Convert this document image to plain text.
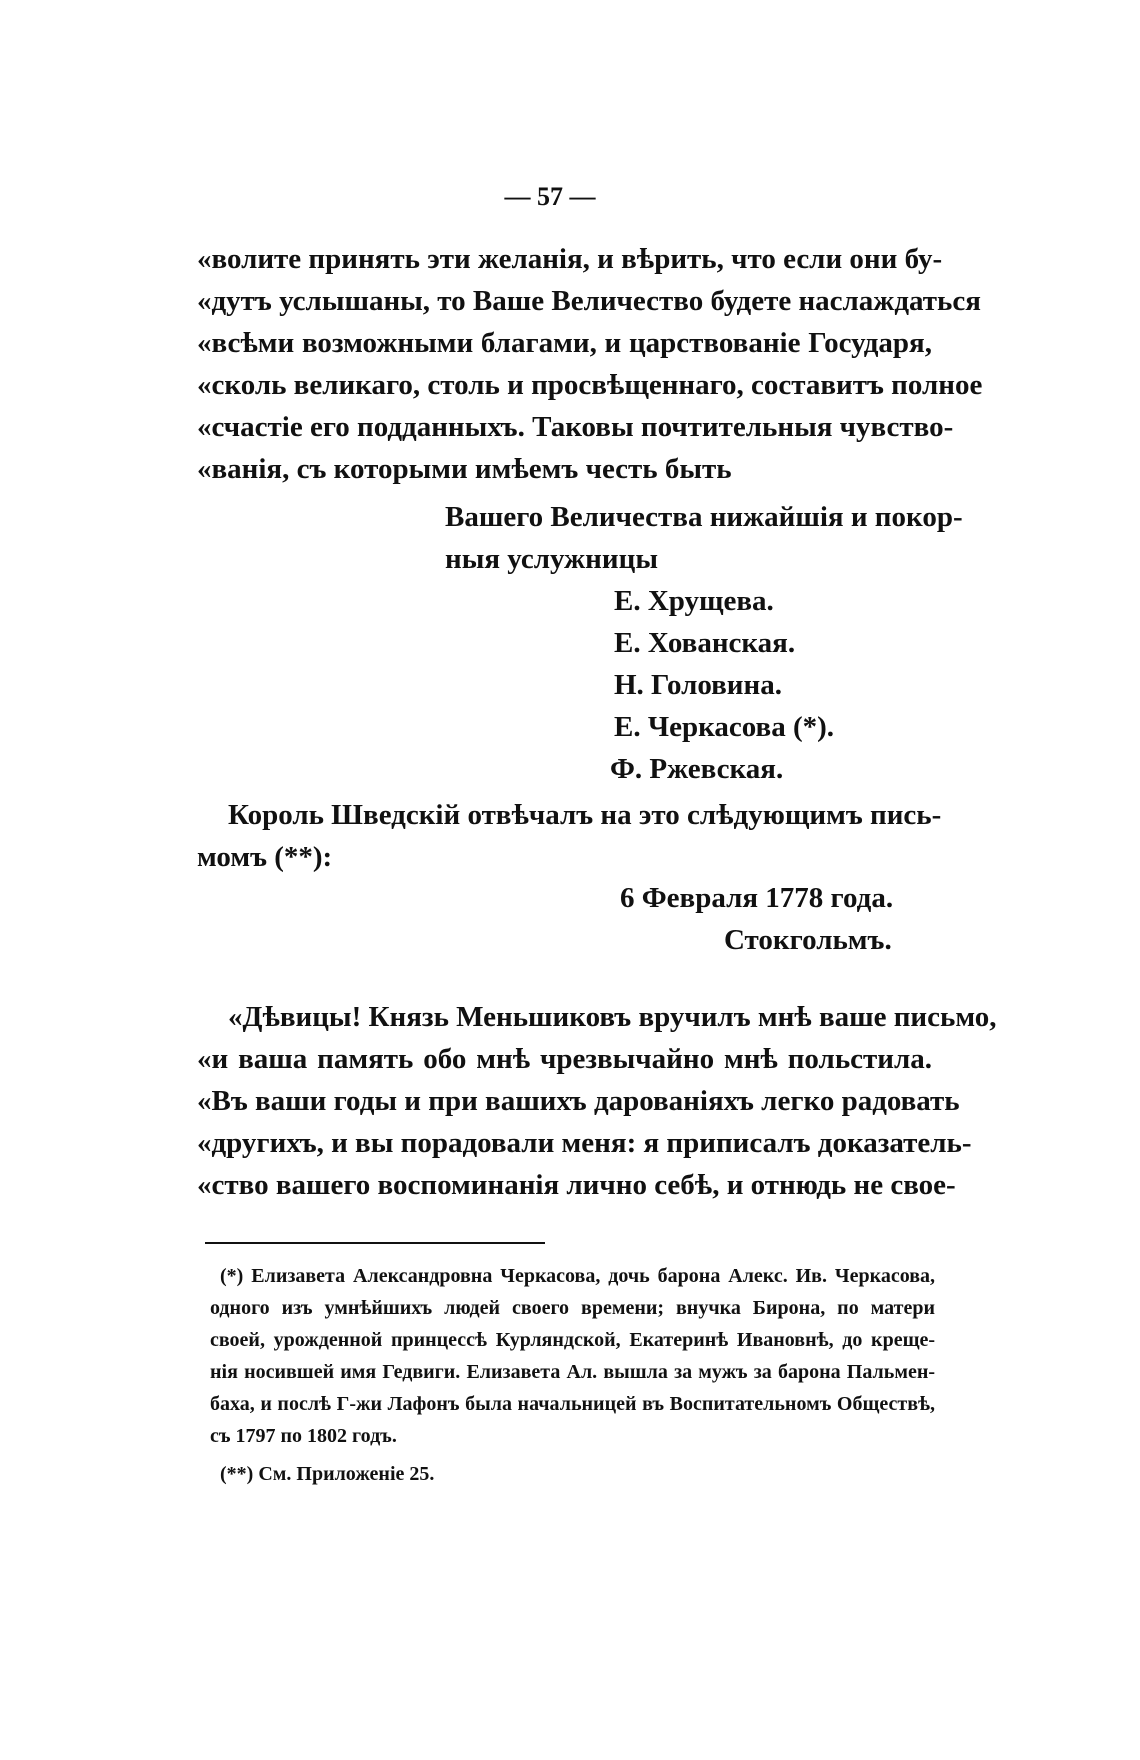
— 57 —
«волите принять эти желанія, и вѣрить, что если они бу-
«дутъ услышаны, то Ваше Величество будете наслаждаться
«всѣми возможными благами, и царствованіе Государя,
«сколь великаго, столь и просвѣщеннаго, составитъ полное
«счастіе его подданныхъ. Таковы почтительныя чувство-
«ванія, съ которыми имѣемъ честь быть
Вашего Величества нижайшія и покор-
ныя услужницы
Е. Хрущева.
Е. Хованская.
Н. Головина.
Е. Черкасова (*).
Ф. Ржевская.
Король Шведскій отвѣчалъ на это слѣдующимъ пись-
момъ (**):
6 Февраля 1778 года.
Стокгольмъ.
«Дѣвицы! Князь Меньшиковъ вручилъ мнѣ ваше письмо,
«и ваша память обо мнѣ чрезвычайно мнѣ польстила.
«Въ ваши годы и при вашихъ дарованіяхъ легко радовать
«другихъ, и вы порадовали меня: я приписалъ доказатель-
«ство вашего воспоминанія лично себѣ, и отнюдь не свое-
(*) Елизавета Александровна Черкасова, дочь барона Алекс. Ив. Черкасова,
одного изъ умнѣйшихъ людей своего времени; внучка Бирона, по матери
своей, урожденной принцессѣ Курляндской, Екатеринѣ Ивановнѣ, до креще-
нія носившей имя Гедвиги. Елизавета Ал. вышла за мужъ за барона Пальмен-
баха, и послѣ Г-жи Лафонъ была начальницей въ Воспитательномъ Обществѣ,
съ 1797 по 1802 годъ.
(**) См. Приложеніе 25.
